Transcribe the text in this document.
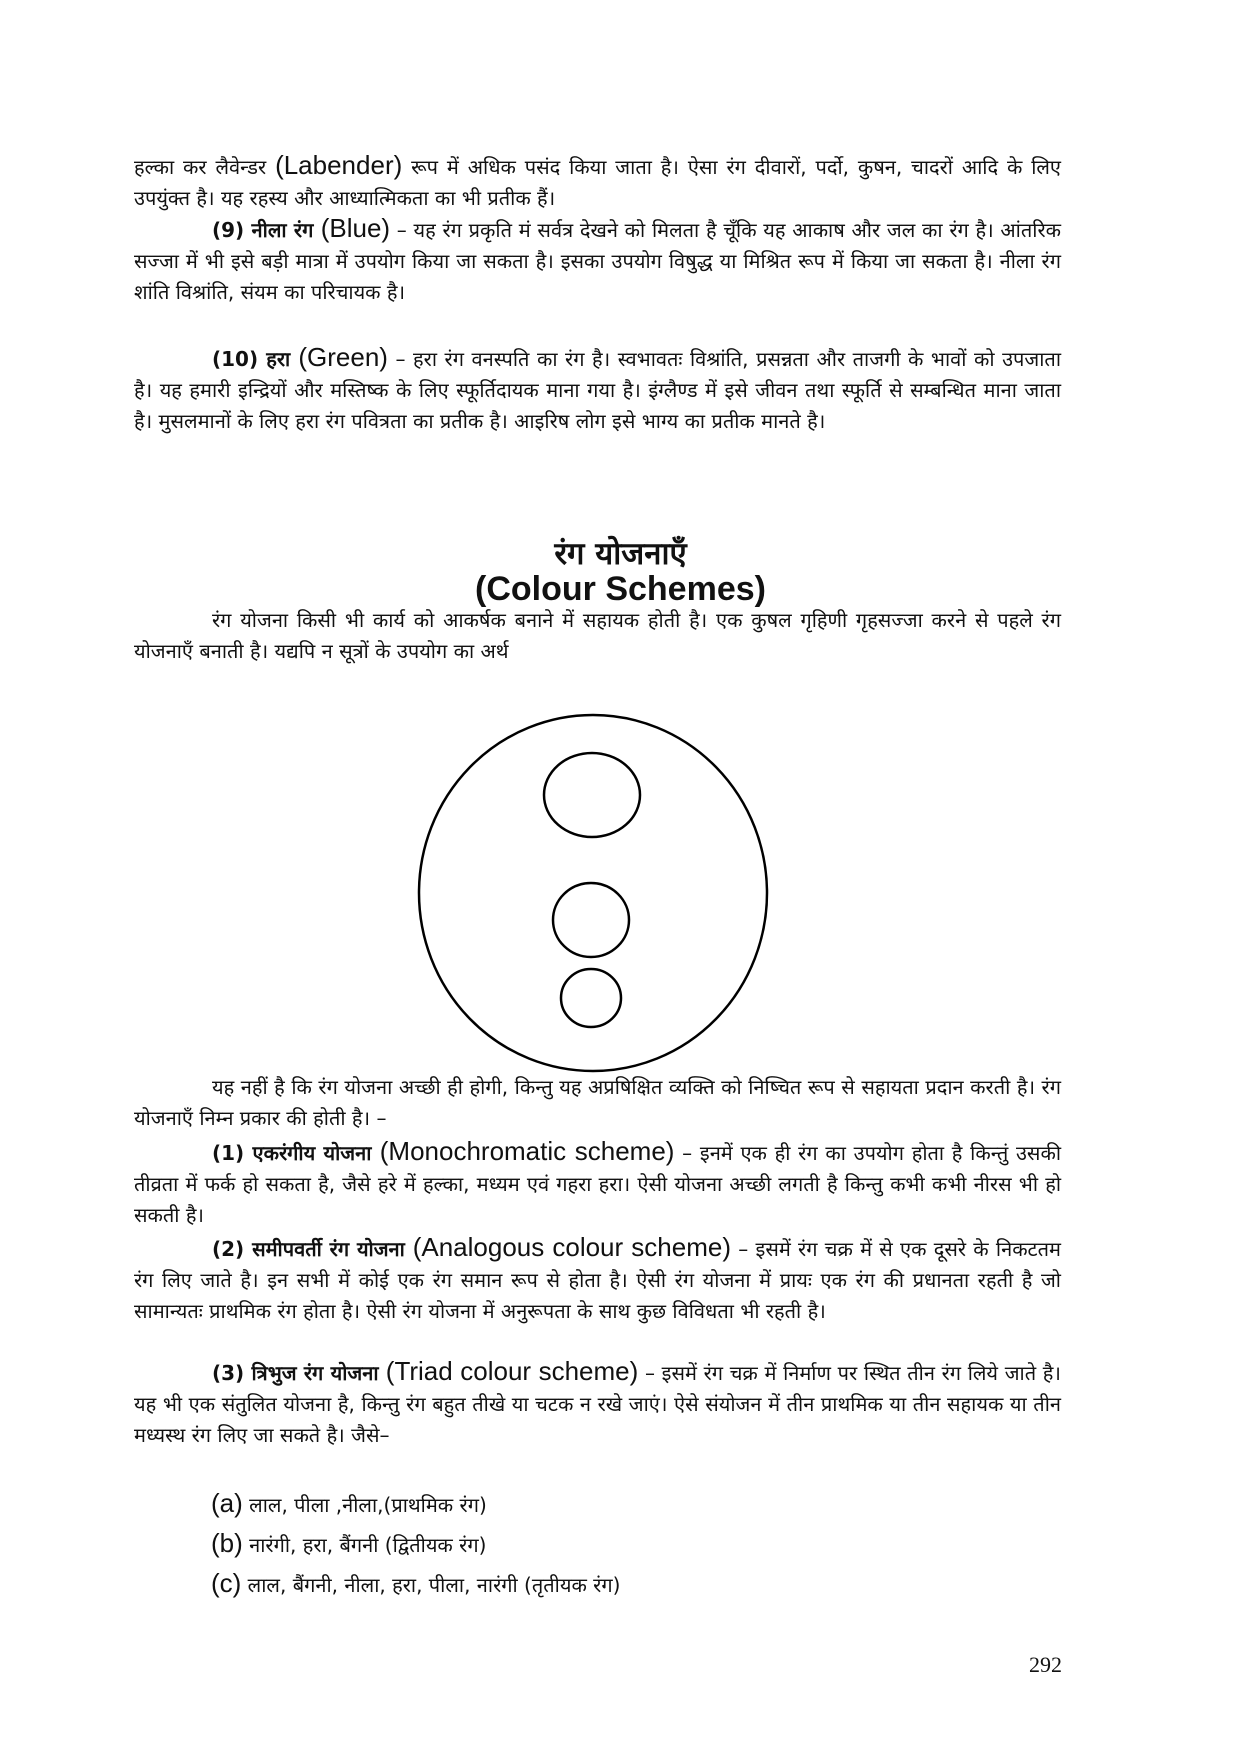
हल्का कर लैवेन्डर (Labender) रूप में अधिक पसंद किया जाता है। ऐसा रंग दीवारों, पर्दो, कुषन, चादरों आदि के लिए उपयुंक्त है। यह रहस्य और आध्यात्मिकता का भी प्रतीक हैं।

(9) नीला रंग (Blue) – यह रंग प्रकृति मं सर्वत्र देखने को मिलता है चूँकि यह आकाष और जल का रंग है। आंतरिक सज्जा में भी इसे बड़ी मात्रा में उपयोग किया जा सकता है। इसका उपयोग विषुद्ध या मिश्रित रूप में किया जा सकता है। नीला रंग शांति विश्रांति, संयम का परिचायक है।

(10) हरा (Green) – हरा रंग वनस्पति का रंग है। स्वभावतः विश्रांति, प्रसन्नता और ताजगी के भावों को उपजाता है। यह हमारी इन्द्रियों और मस्तिष्क के लिए स्फूर्तिदायक माना गया है। इंग्लैण्ड में इसे जीवन तथा स्फूर्ति से सम्बन्धित माना जाता है। मुसलमानों के लिए हरा रंग पवित्रता का प्रतीक है। आइरिष लोग इसे भाग्य का प्रतीक मानते है।

रंग योजनाएँ
(Colour Schemes)

रंग योजना किसी भी कार्य को आकर्षक बनाने में सहायक होती है। एक कुषल गृहिणी गृहसज्जा करने से पहले रंग योजनाएँ बनाती है। यद्यपि न सूत्रों के उपयोग का अर्थ

यह नहीं है कि रंग योजना अच्छी ही होगी, किन्तु यह अप्रषिक्षित व्यक्ति को निष्चित रूप से सहायता प्रदान करती है। रंग योजनाएँ निम्न प्रकार की होती है। –

(1) एकरंगीय योजना (Monochromatic scheme) – इनमें एक ही रंग का उपयोग होता है किन्तुं उसकी तीव्रता में फर्क हो सकता है, जैसे हरे में हल्का, मध्यम एवं गहरा हरा। ऐसी योजना अच्छी लगती है किन्तु कभी कभी नीरस भी हो सकती है।

(2) समीपवर्ती रंग योजना (Analogous colour scheme) – इसमें रंग चक्र में से एक दूसरे के निकटतम रंग लिए जाते है। इन सभी में कोई एक रंग समान रूप से होता है। ऐसी रंग योजना में प्रायः एक रंग की प्रधानता रहती है जो सामान्यतः प्राथमिक रंग होता है। ऐसी रंग योजना में अनुरूपता के साथ कुछ विविधता भी रहती है।

(3) त्रिभुज रंग योजना (Triad colour scheme) – इसमें रंग चक्र में निर्माण पर स्थित तीन रंग लिये जाते है। यह भी एक संतुलित योजना है, किन्तु रंग बहुत तीखे या चटक न रखे जाएं। ऐसे संयोजन में तीन प्राथमिक या तीन सहायक या तीन मध्यस्थ रंग लिए जा सकते है। जैसे–

(a) लाल, पीला ,नीला,(प्राथमिक रंग)

(b) नारंगी, हरा, बैंगनी (द्वितीयक रंग)

(c) लाल, बैंगनी, नीला, हरा, पीला, नारंगी (तृतीयक रंग)

292
